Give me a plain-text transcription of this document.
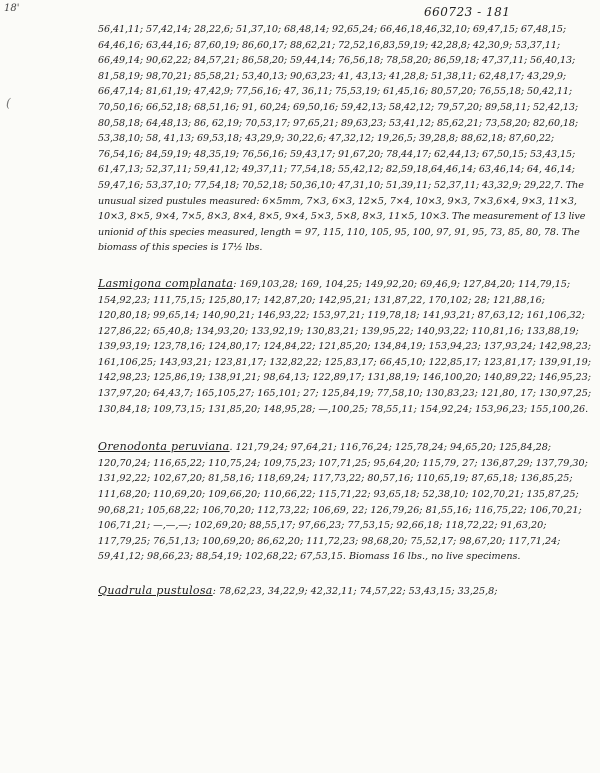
18'	660723 - 181
(

56,41,11; 57,42,14; 28,22,6; 51,37,10; 68,48,14; 92,65,24; 66,46,18,46,32,10; 69,47,15; 67,48,15; 64,46,16; 63,44,16; 87,60,19; 86,60,17; 88,62,21; 72,52,16,83,59,19; 42,28,8; 42,30,9; 53,37,11; 66,49,14; 90,62,22; 84,57,21; 86,58,20; 59,44,14; 76,56,18; 78,58,20; 86,59,18; 47,37,11; 56,40,13; 81,58,19; 98,70,21; 85,58,21; 53,40,13; 90,63,23; 41, 43,13; 41,28,8; 51,38,11; 62,48,17; 43,29,9; 66,47,14; 81,61,19; 47,42,9; 77,56,16; 47, 36,11; 75,53,19; 61,45,16; 80,57,20; 76,55,18; 50,42,11; 70,50,16; 66,52,18; 68,51,16; 91, 60,24; 69,50,16; 59,42,13; 58,42,12; 79,57,20; 89,58,11; 52,42,13; 80,58,18; 64,48,13; 86, 62,19; 70,53,17; 97,65,21; 89,63,23; 53,41,12; 85,62,21; 73,58,20; 82,60,18; 53,38,10; 58, 41,13; 69,53,18; 43,29,9; 30,22,6; 47,32,12; 19,26,5; 39,28,8; 88,62,18; 87,60,22; 76,54,16; 84,59,19; 48,35,19; 76,56,16; 59,43,17; 91,67,20; 78,44,17; 62,44,13; 67,50,15; 53,43,15; 61,47,13; 52,37,11; 59,41,12; 49,37,11; 77,54,18; 55,42,12; 82,59,18,64,46,14; 63,46,14; 64, 46,14; 59,47,16; 53,37,10; 77,54,18; 70,52,18; 50,36,10; 47,31,10; 51,39,11; 52,37,11; 43,32,9; 29,22,7. The unusual sized pustules measured: 6×5mm, 7×3, 6×3, 12×5, 7×4, 10×3, 9×3, 7×3,6×4, 9×3, 11×3, 10×3, 8×5, 9×4, 7×5, 8×3, 8×4, 8×5, 9×4, 5×3, 5×8, 8×3, 11×5, 10×3. The measurement of 13 live unionid of this species measured, length = 97, 115, 110, 105, 95, 100, 97, 91, 95, 73, 85, 80, 78. The biomass of this species is 17½ lbs.

Lasmigona complanata: 169,103,28; 169, 104,25; 149,92,20; 69,46,9; 127,84,20; 114,79,15; 154,92,23; 111,75,15; 125,80,17; 142,87,20; 142,95,21; 131,87,22, 170,102; 28; 121,88,16; 120,80,18; 99,65,14; 140,90,21; 146,93,22; 153,97,21; 119,78,18; 141,93,21; 87,63,12; 161,106,32; 127,86,22; 65,40,8; 134,93,20; 133,92,19; 130,83,21; 139,95,22; 140,93,22; 110,81,16; 133,88,19; 139,93,19; 123,78,16; 124,80,17; 124,84,22; 121,85,20; 134,84,19; 153,94,23; 137,93,24; 142,98,23; 161,106,25; 143,93,21; 123,81,17; 132,82,22; 125,83,17; 66,45,10; 122,85,17; 123,81,17; 139,91,19; 142,98,23; 125,86,19; 138,91,21; 98,64,13; 122,89,17; 131,88,19; 146,100,20; 140,89,22; 146,95,23; 137,97,20; 64,43,7; 165,105,27; 165,101; 27; 125,84,19; 77,58,10; 130,83,23; 121,80, 17; 130,97,25; 130,84,18; 109,73,15; 131,85,20; 148,95,28; —,100,25; 78,55,11; 154,92,24; 153,96,23; 155,100,26.

Orenodonta peruviana. 121,79,24; 97,64,21; 116,76,24; 125,78,24; 94,65,20; 125,84,28; 120,70,24; 116,65,22; 110,75,24; 109,75,23; 107,71,25; 95,64,20; 115,79, 27; 136,87,29; 137,79,30; 131,92,22; 102,67,20; 81,58,16; 118,69,24; 117,73,22; 80,57,16; 110,65,19; 87,65,18; 136,85,25; 111,68,20; 110,69,20; 109,66,20; 110,66,22; 115,71,22; 93,65,18; 52,38,10; 102,70,21; 135,87,25; 90,68,21; 105,68,22; 106,70,20; 112,73,22; 106,69, 22; 126,79,26; 81,55,16; 116,75,22; 106,70,21; 106,71,21; —,—,—; 102,69,20; 88,55,17; 97,66,23; 77,53,15; 92,66,18; 118,72,22; 91,63,20; 117,79,25; 76,51,13; 100,69,20; 86,62,20; 111,72,23; 98,68,20; 75,52,17; 98,67,20; 117,71,24; 59,41,12; 98,66,23; 88,54,19; 102,68,22; 67,53,15. Biomass 16 lbs., no live specimens.

Quadrula pustulosa: 78,62,23, 34,22,9; 42,32,11; 74,57,22; 53,43,15; 33,25,8;
